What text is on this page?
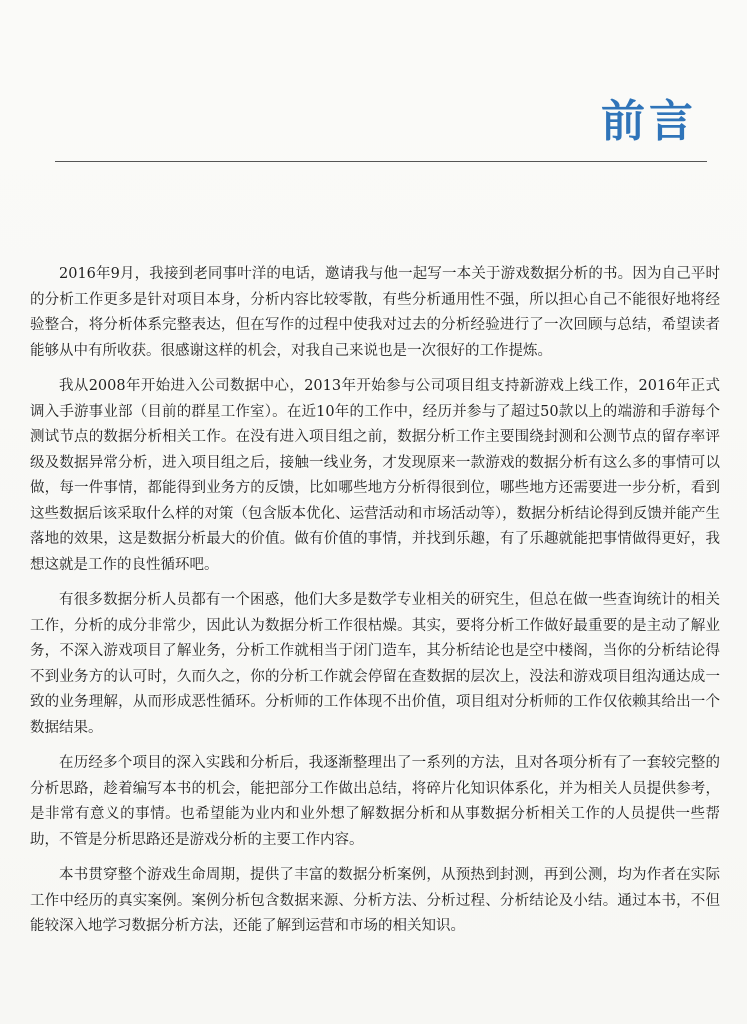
前言

2016年9月，我接到老同事叶洋的电话，邀请我与他一起写一本关于游戏数据分析的书。因为自己平时的分析工作更多是针对项目本身，分析内容比较零散，有些分析通用性不强，所以担心自己不能很好地将经验整合，将分析体系完整表达，但在写作的过程中使我对过去的分析经验进行了一次回顾与总结，希望读者能够从中有所收获。很感谢这样的机会，对我自己来说也是一次很好的工作提炼。

我从2008年开始进入公司数据中心，2013年开始参与公司项目组支持新游戏上线工作，2016年正式调入手游事业部（目前的群星工作室）。在近10年的工作中，经历并参与了超过50款以上的端游和手游每个测试节点的数据分析相关工作。在没有进入项目组之前，数据分析工作主要围绕封测和公测节点的留存率评级及数据异常分析，进入项目组之后，接触一线业务，才发现原来一款游戏的数据分析有这么多的事情可以做，每一件事情，都能得到业务方的反馈，比如哪些地方分析得很到位，哪些地方还需要进一步分析，看到这些数据后该采取什么样的对策（包含版本优化、运营活动和市场活动等），数据分析结论得到反馈并能产生落地的效果，这是数据分析最大的价值。做有价值的事情，并找到乐趣，有了乐趣就能把事情做得更好，我想这就是工作的良性循环吧。

有很多数据分析人员都有一个困惑，他们大多是数学专业相关的研究生，但总在做一些查询统计的相关工作，分析的成分非常少，因此认为数据分析工作很枯燥。其实，要将分析工作做好最重要的是主动了解业务，不深入游戏项目了解业务，分析工作就相当于闭门造车，其分析结论也是空中楼阁，当你的分析结论得不到业务方的认可时，久而久之，你的分析工作就会停留在查数据的层次上，没法和游戏项目组沟通达成一致的业务理解，从而形成恶性循环。分析师的工作体现不出价值，项目组对分析师的工作仅依赖其给出一个数据结果。

在历经多个项目的深入实践和分析后，我逐渐整理出了一系列的方法，且对各项分析有了一套较完整的分析思路，趁着编写本书的机会，能把部分工作做出总结，将碎片化知识体系化，并为相关人员提供参考，是非常有意义的事情。也希望能为业内和业外想了解数据分析和从事数据分析相关工作的人员提供一些帮助，不管是分析思路还是游戏分析的主要工作内容。

本书贯穿整个游戏生命周期，提供了丰富的数据分析案例，从预热到封测，再到公测，均为作者在实际工作中经历的真实案例。案例分析包含数据来源、分析方法、分析过程、分析结论及小结。通过本书，不但能较深入地学习数据分析方法，还能了解到运营和市场的相关知识。
